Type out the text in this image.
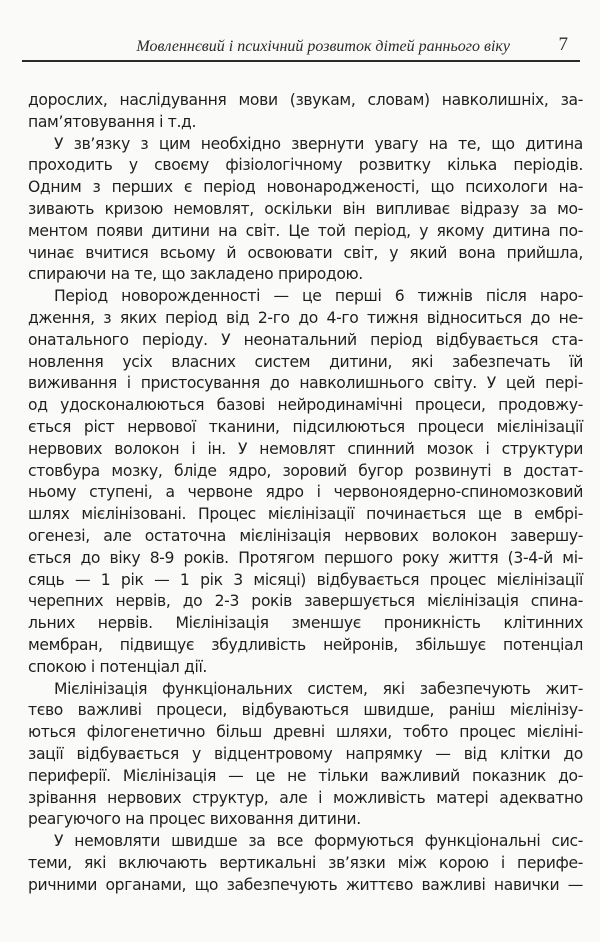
Мовленнєвий і психічний розвиток дітей раннього віку	7
дорослих, наслідування мови (звукам, словам) навколишніх, за-
пам’ятовування і т.д.
У зв’язку з цим необхідно звернути увагу на те, що дитина
проходить у своєму фізіологічному розвитку кілька періодів.
Одним з перших є період новонародженості, що психологи на-
зивають кризою немовлят, оскільки він випливає відразу за мо-
ментом появи дитини на світ. Це той період, у якому дитина по-
чинає вчитися всьому й освоювати світ, у який вона прийшла,
спираючи на те, що закладено природою.
Період новорожденності — це перші 6 тижнів після наро-
дження, з яких період від 2-го до 4-го тижня відноситься до не-
онатального періоду. У неонатальний період відбувається ста-
новлення усіх власних систем дитини, які забезпечать їй
виживання і пристосування до навколишнього світу. У цей пері-
од удосконалюються базові нейродинамічні процеси, продовжу-
ється ріст нервової тканини, підсилюються процеси мієлінізації
нервових волокон і ін. У немовлят спинний мозок і структури
стовбура мозку, бліде ядро, зоровий бугор розвинуті в достат-
ньому ступені, а червоне ядро і червоноядерно-спиномозковий
шлях мієлінізовані. Процес мієлінізації починається ще в ембрі-
огенезі, але остаточна мієлінізація нервових волокон завершу-
ється до віку 8-9 років. Протягом першого року життя (3-4-й мі-
сяць — 1 рік — 1 рік 3 місяці) відбувається процес мієлінізації
черепних нервів, до 2-3 років завершується мієлінізація спина-
льних нервів. Мієлінізація зменшує проникність клітинних
мембран, підвищує збудливість нейронів, збільшує потенціал
спокою і потенціал дії.
Мієлінізація функціональних систем, які забезпечують жит-
тєво важливі процеси, відбуваються швидше, раніш мієлінізу-
ються філогенетично більш древні шляхи, тобто процес мієліні-
зації відбувається у відцентровому напрямку — від клітки до
периферії. Мієлінізація — це не тільки важливий показник до-
зрівання нервових структур, але і можливість матері адекватно
реагуючого на процес виховання дитини.
У немовляти швидше за все формуються функціональні сис-
теми, які включають вертикальні зв’язки між корою і перифе-
ричними органами, що забезпечують життєво важливі навички —
